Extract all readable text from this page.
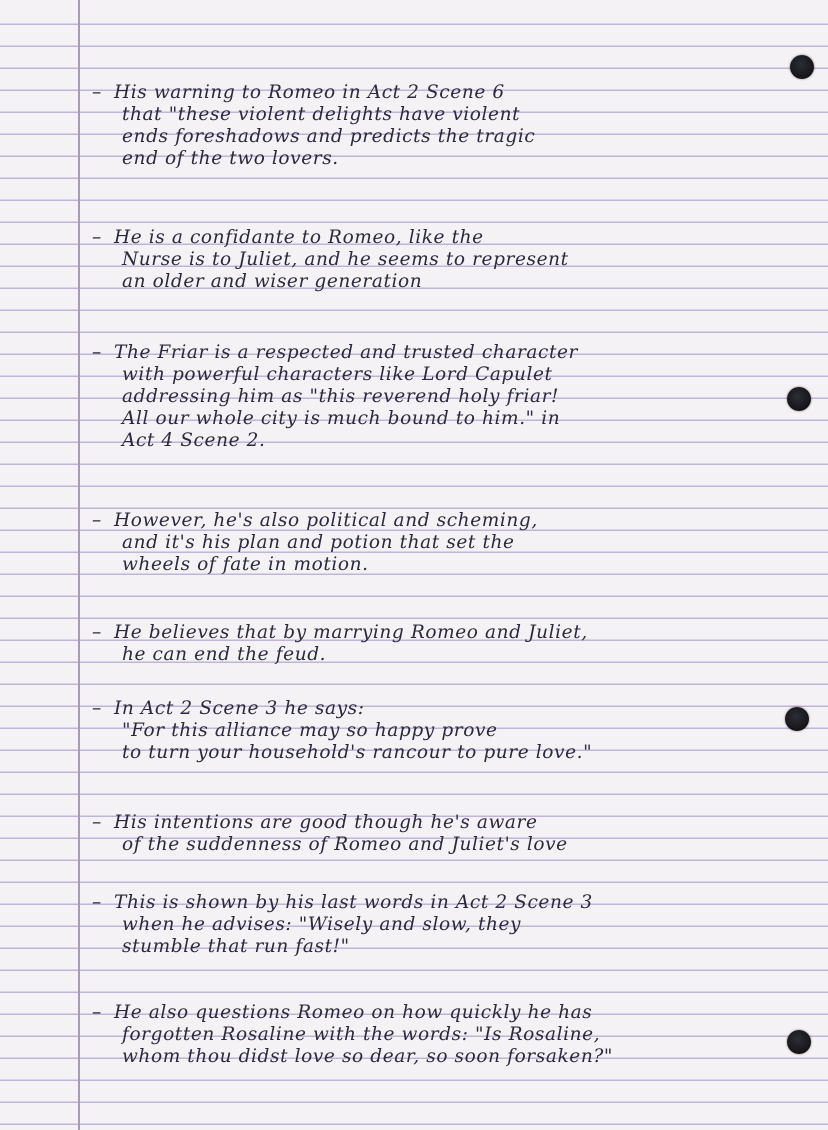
– His warning to Romeo in Act 2 Scene 6
that "these violent delights have violent
ends foreshadows and predicts the tragic
end of the two lovers.
– He is a confidante to Romeo, like the
Nurse is to Juliet, and he seems to represent
an older and wiser generation
– The Friar is a respected and trusted character
with powerful characters like Lord Capulet
addressing him as "this reverend holy friar!
All our whole city is much bound to him." in
Act 4 Scene 2.
– However, he's also political and scheming,
and it's his plan and potion that set the
wheels of fate in motion.
– He believes that by marrying Romeo and Juliet,
he can end the feud.
– In Act 2 Scene 3 he says:
"For this alliance may so happy prove
to turn your household's rancour to pure love."
– His intentions are good though he's aware
of the suddenness of Romeo and Juliet's love
– This is shown by his last words in Act 2 Scene 3
when he advises: "Wisely and slow, they
stumble that run fast!"
– He also questions Romeo on how quickly he has
forgotten Rosaline with the words: "Is Rosaline,
whom thou didst love so dear, so soon forsaken?"
